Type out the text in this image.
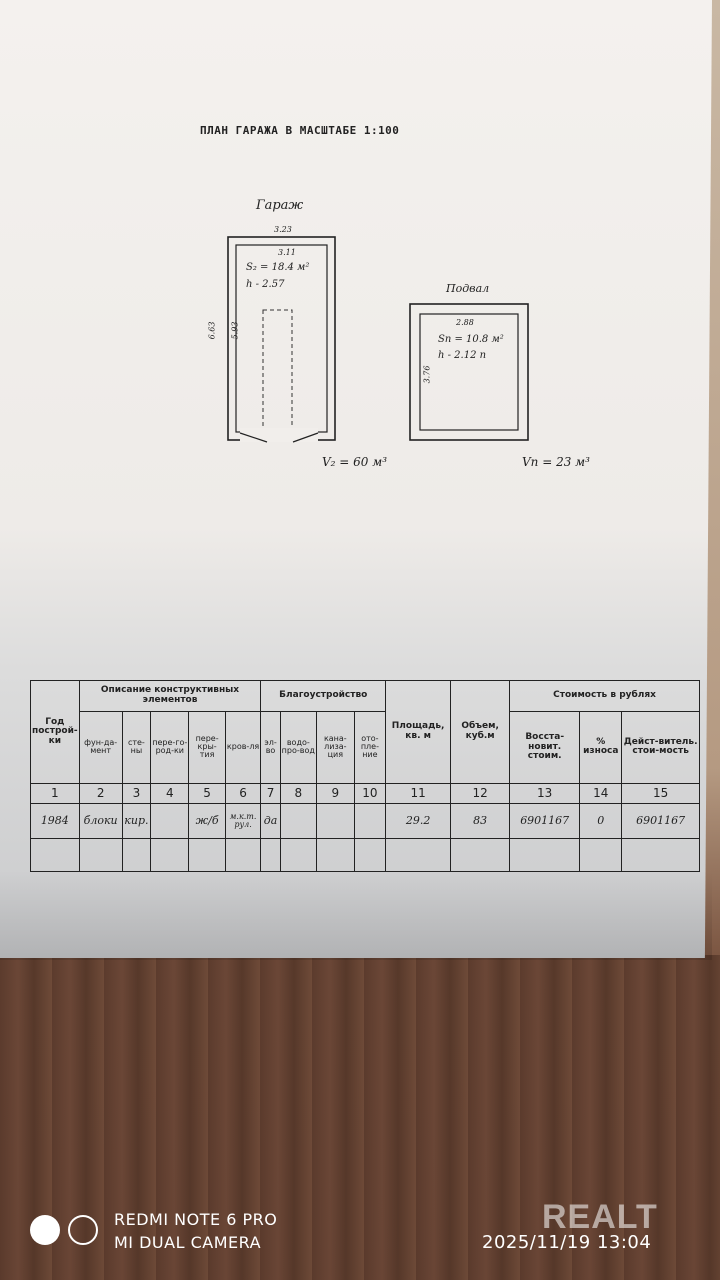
ПЛАН ГАРАЖА В МАСШТАБЕ 1:100
Гараж
3.23
3.11
S₂ = 18.4 м²
h - 2.57
6.63 5.93
V₂ = 60 м³
Подвал
2.88
Sп = 10.8 м²
h - 2.12 п
3.76
Vп = 23 м³
Год построй-ки	Описание конструктивных элементов					Благоустройство				Площадь, кв. м	Объем, куб.м	Стоимость в рублях		
	фун-да-мент	сте-ны	пере-го-род-ки	пере-кры-тия	кров-ля	эл-во	водо-про-вод	кана-лиза-ция	ото-пле-ние			Восста-новит. стоим.	% износа	Дейст-витель. стои-мость
1	2	3	4	5	6	7	8	9	10	11	12	13	14	15
1984	блоки	кир.		ж/б	м.к.т. рул.	да				29.2	83	6901167	0	6901167

REDMI NOTE 6 PRO
MI DUAL CAMERA
REALT
2025/11/19 13:04
